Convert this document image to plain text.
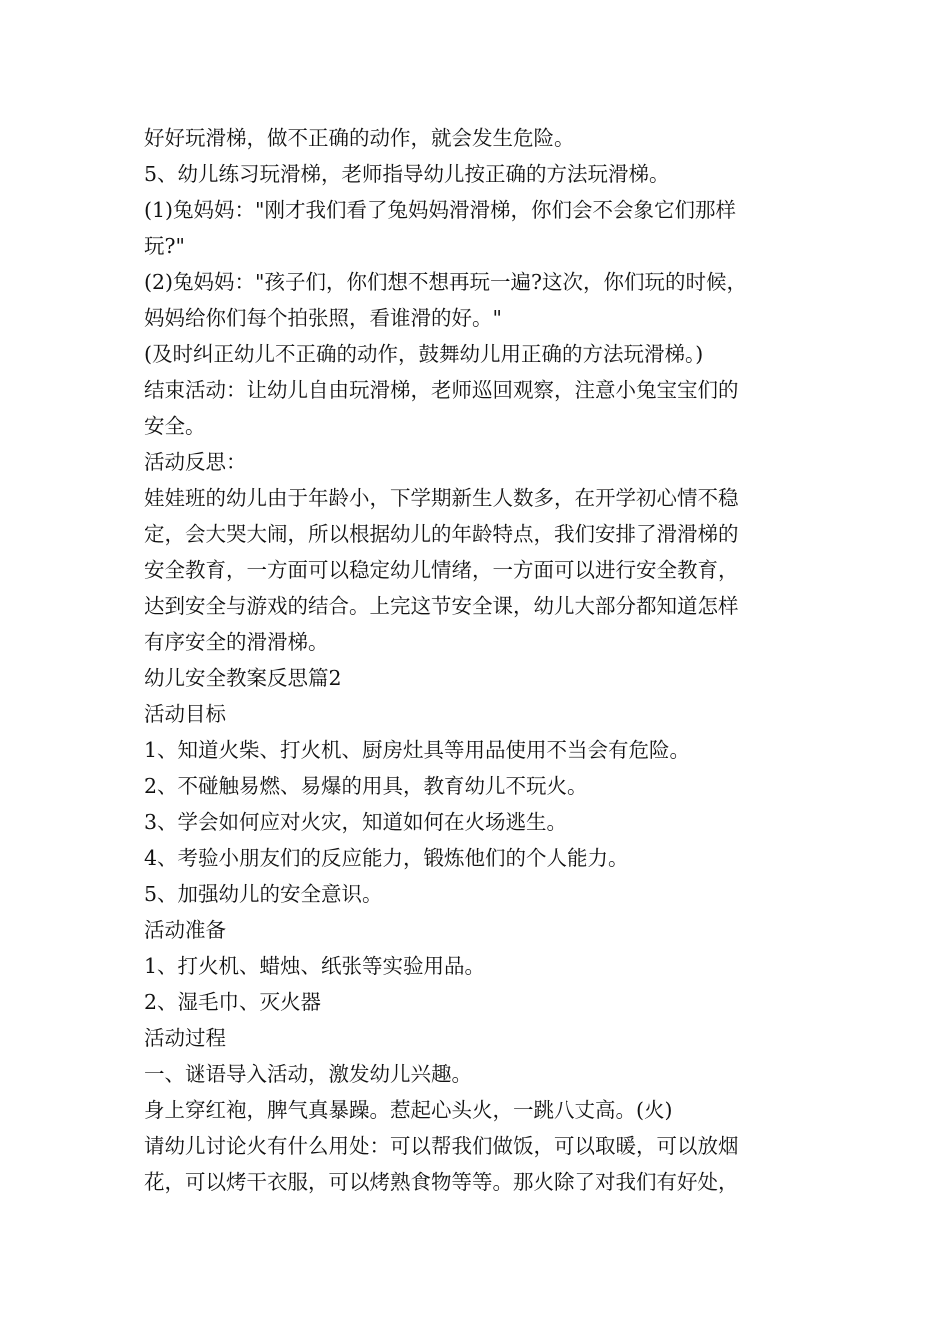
好好玩滑梯，做不正确的动作，就会发生危险。
5、幼儿练习玩滑梯，老师指导幼儿按正确的方法玩滑梯。
(1)兔妈妈："刚才我们看了兔妈妈滑滑梯，你们会不会象它们那样
玩?"
(2)兔妈妈："孩子们，你们想不想再玩一遍?这次，你们玩的时候，
妈妈给你们每个拍张照，看谁滑的好。"
(及时纠正幼儿不正确的动作，鼓舞幼儿用正确的方法玩滑梯。)
结束活动：让幼儿自由玩滑梯，老师巡回观察，注意小兔宝宝们的
安全。
活动反思：
娃娃班的幼儿由于年龄小，下学期新生人数多，在开学初心情不稳
定，会大哭大闹，所以根据幼儿的年龄特点，我们安排了滑滑梯的
安全教育，一方面可以稳定幼儿情绪，一方面可以进行安全教育，
达到安全与游戏的结合。上完这节安全课，幼儿大部分都知道怎样
有序安全的滑滑梯。
幼儿安全教案反思篇2
活动目标
1、知道火柴、打火机、厨房灶具等用品使用不当会有危险。
2、不碰触易燃、易爆的用具，教育幼儿不玩火。
3、学会如何应对火灾，知道如何在火场逃生。
4、考验小朋友们的反应能力，锻炼他们的个人能力。
5、加强幼儿的安全意识。
活动准备
1、打火机、蜡烛、纸张等实验用品。
2、湿毛巾、灭火器
活动过程
一、谜语导入活动，激发幼儿兴趣。
身上穿红袍，脾气真暴躁。惹起心头火，一跳八丈高。(火)
请幼儿讨论火有什么用处：可以帮我们做饭，可以取暖，可以放烟
花，可以烤干衣服，可以烤熟食物等等。那火除了对我们有好处，
